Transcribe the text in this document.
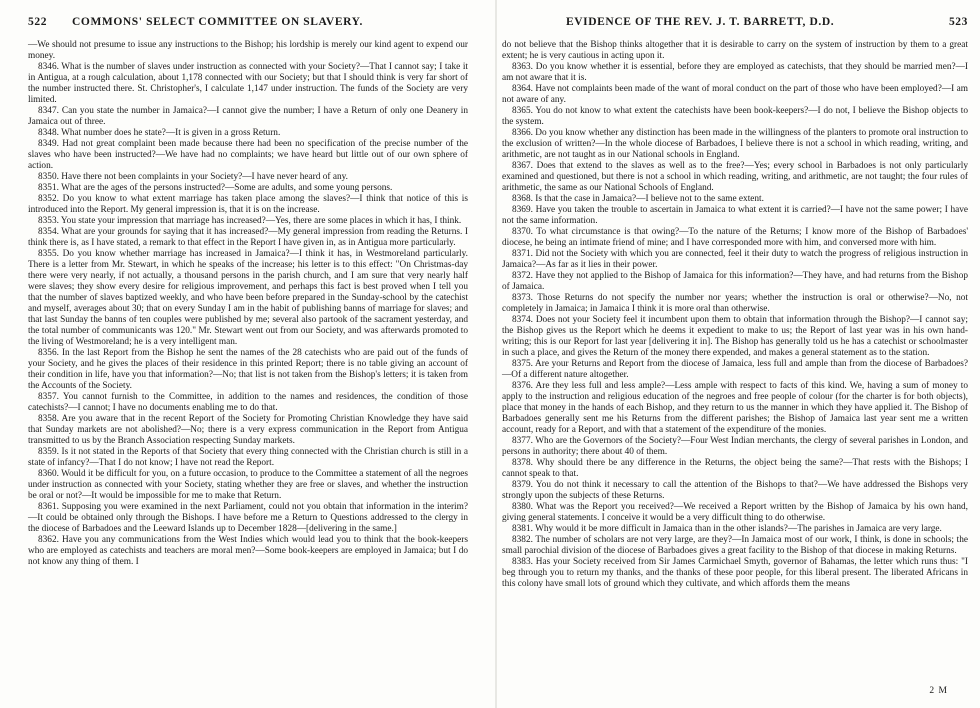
522 COMMONS' SELECT COMMITTEE ON SLAVERY.

—We should not presume to issue any instructions to the Bishop; his lordship is merely our kind agent to expend our money.

8346. What is the number of slaves under instruction as connected with your Society?—That I cannot say; I take it in Antigua, at a rough calculation, about 1,178 connected with our Society; but that I should think is very far short of the number instructed there. St. Christopher's, I calculate 1,147 under instruction. The funds of the Society are very limited.

8347. Can you state the number in Jamaica?—I cannot give the number; I have a Return of only one Deanery in Jamaica out of three.

8348. What number does he state?—It is given in a gross Return.

8349. Had not great complaint been made because there had been no specification of the precise number of the slaves who have been instructed?—We have had no complaints; we have heard but little out of our own sphere of action.

8350. Have there not been complaints in your Society?—I have never heard of any.

8351. What are the ages of the persons instructed?—Some are adults, and some young persons.

8352. Do you know to what extent marriage has taken place among the slaves?—I think that notice of this is introduced into the Report. My general impression is, that it is on the increase.

8353. You state your impression that marriage has increased?—Yes, there are some places in which it has, I think.

8354. What are your grounds for saying that it has increased?—My general impression from reading the Returns. I think there is, as I have stated, a remark to that effect in the Report I have given in, as in Antigua more particularly.

8355. Do you know whether marriage has increased in Jamaica?—I think it has, in Westmoreland particularly. There is a letter from Mr. Stewart, in which he speaks of the increase; his letter is to this effect: "On Christmas-day there were very nearly, if not actually, a thousand persons in the parish church, and I am sure that very nearly half were slaves; they show every desire for religious improvement, and perhaps this fact is best proved when I tell you that the number of slaves baptized weekly, and who have been before prepared in the Sunday-school by the catechist and myself, averages about 30; that on every Sunday I am in the habit of publishing banns of marriage for slaves; and that last Sunday the banns of ten couples were published by me; several also partook of the sacrament yesterday, and the total number of communicants was 120." Mr. Stewart went out from our Society, and was afterwards promoted to the living of Westmoreland; he is a very intelligent man.

8356. In the last Report from the Bishop he sent the names of the 28 catechists who are paid out of the funds of your Society, and he gives the places of their residence in this printed Report; there is no table giving an account of their condition in life, have you that information?—No; that list is not taken from the Bishop's letters; it is taken from the Accounts of the Society.

8357. You cannot furnish to the Committee, in addition to the names and residences, the condition of those catechists?—I cannot; I have no documents enabling me to do that.

8358. Are you aware that in the recent Report of the Society for Promoting Christian Knowledge they have said that Sunday markets are not abolished?—No; there is a very express communication in the Report from Antigua transmitted to us by the Branch Association respecting Sunday markets.

8359. Is it not stated in the Reports of that Society that every thing connected with the Christian church is still in a state of infancy?—That I do not know; I have not read the Report.

8360. Would it be difficult for you, on a future occasion, to produce to the Committee a statement of all the negroes under instruction as connected with your Society, stating whether they are free or slaves, and whether the instruction be oral or not?—It would be impossible for me to make that Return.

8361. Supposing you were examined in the next Parliament, could not you obtain that information in the interim?—It could be obtained only through the Bishops. I have before me a Return to Questions addressed to the clergy in the diocese of Barbadoes and the Leeward Islands up to December 1828—[delivering in the same.]

8362. Have you any communications from the West Indies which would lead you to think that the book-keepers who are employed as catechists and teachers are moral men?—Some book-keepers are employed in Jamaica; but I do not know any thing of them. I

EVIDENCE OF THE REV. J. T. BARRETT, D.D.	523

do not believe that the Bishop thinks altogether that it is desirable to carry on the system of instruction by them to a great extent; he is very cautious in acting upon it.

8363. Do you know whether it is essential, before they are employed as catechists, that they should be married men?—I am not aware that it is.

8364. Have not complaints been made of the want of moral conduct on the part of those who have been employed?—I am not aware of any.

8365. You do not know to what extent the catechists have been book-keepers?—I do not, I believe the Bishop objects to the system.

8366. Do you know whether any distinction has been made in the willingness of the planters to promote oral instruction to the exclusion of written?—In the whole diocese of Barbadoes, I believe there is not a school in which reading, writing, and arithmetic, are not taught as in our National schools in England.

8367. Does that extend to the slaves as well as to the free?—Yes; every school in Barbadoes is not only particularly examined and questioned, but there is not a school in which reading, writing, and arithmetic, are not taught; the four rules of arithmetic, the same as our National Schools of England.

8368. Is that the case in Jamaica?—I believe not to the same extent.

8369. Have you taken the trouble to ascertain in Jamaica to what extent it is carried?—I have not the same power; I have not the same information.

8370. To what circumstance is that owing?—To the nature of the Returns; I know more of the Bishop of Barbadoes' diocese, he being an intimate friend of mine; and I have corresponded more with him, and conversed more with him.

8371. Did not the Society with which you are connected, feel it their duty to watch the progress of religious instruction in Jamaica?—As far as it lies in their power.

8372. Have they not applied to the Bishop of Jamaica for this information?—They have, and had returns from the Bishop of Jamaica.

8373. Those Returns do not specify the number nor years; whether the instruction is oral or otherwise?—No, not completely in Jamaica; in Jamaica I think it is more oral than otherwise.

8374. Does not your Society feel it incumbent upon them to obtain that information through the Bishop?—I cannot say; the Bishop gives us the Report which he deems it expedient to make to us; the Report of last year was in his own hand-writing; this is our Report for last year [delivering it in]. The Bishop has generally told us he has a catechist or schoolmaster in such a place, and gives the Return of the money there expended, and makes a general statement as to the station.

8375. Are your Returns and Report from the diocese of Jamaica, less full and ample than from the diocese of Barbadoes?—Of a different nature altogether.

8376. Are they less full and less ample?—Less ample with respect to facts of this kind. We, having a sum of money to apply to the instruction and religious education of the negroes and free people of colour (for the charter is for both objects), place that money in the hands of each Bishop, and they return to us the manner in which they have applied it. The Bishop of Barbadoes generally sent me his Returns from the different parishes; the Bishop of Jamaica last year sent me a written account, ready for a Report, and with that a statement of the expenditure of the monies.

8377. Who are the Governors of the Society?—Four West Indian merchants, the clergy of several parishes in London, and persons in authority; there about 40 of them.

8378. Why should there be any difference in the Returns, the object being the same?—That rests with the Bishops; I cannot speak to that.

8379. You do not think it necessary to call the attention of the Bishops to that?—We have addressed the Bishops very strongly upon the subjects of these Returns.

8380. What was the Report you received?—We received a Report written by the Bishop of Jamaica by his own hand, giving general statements. I conceive it would be a very difficult thing to do otherwise.

8381. Why would it be more difficult in Jamaica than in the other islands?—The parishes in Jamaica are very large.

8382. The number of scholars are not very large, are they?—In Jamaica most of our work, I think, is done in schools; the small parochial division of the diocese of Barbadoes gives a great facility to the Bishop of that diocese in making Returns.

8383. Has your Society received from Sir James Carmichael Smyth, governor of Bahamas, the letter which runs thus: "I beg through you to return my thanks, and the thanks of these poor people, for this liberal present. The liberated Africans in this colony have small lots of ground which they cultivate, and which affords them the means

2 M
